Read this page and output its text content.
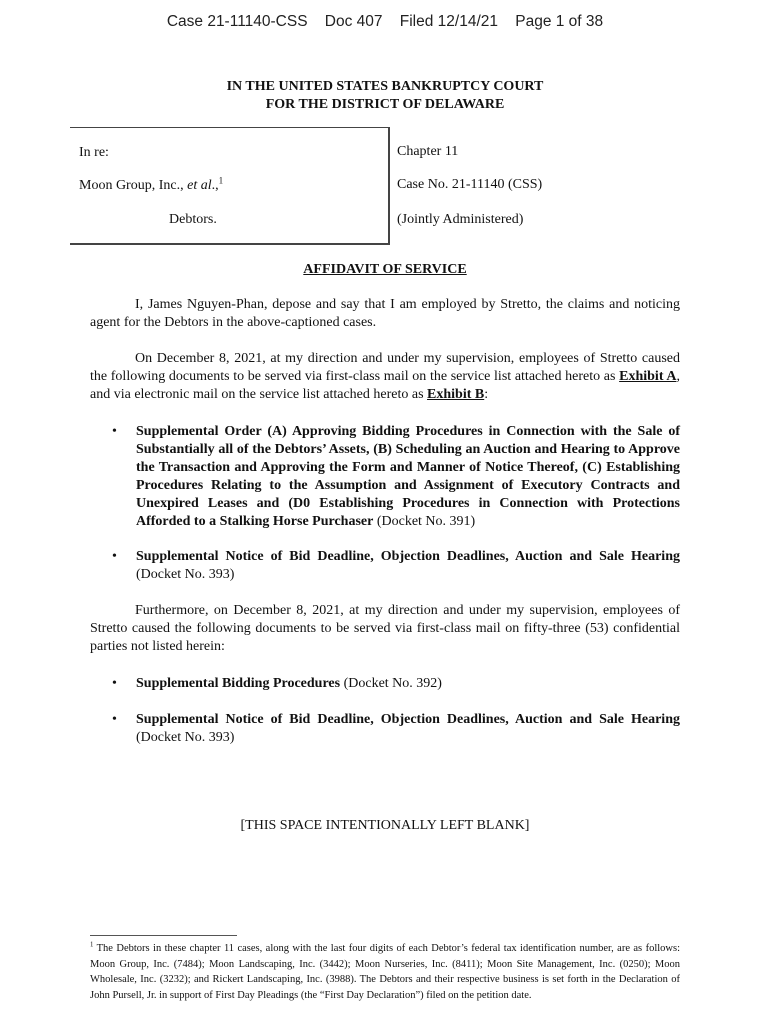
Case 21-11140-CSS Doc 407 Filed 12/14/21 Page 1 of 38
IN THE UNITED STATES BANKRUPTCY COURT
FOR THE DISTRICT OF DELAWARE
In re:
Moon Group, Inc., et al.,$^1$
Debtors.
Chapter 11
Case No. 21-11140 (CSS)
(Jointly Administered)
AFFIDAVIT OF SERVICE
I, James Nguyen-Phan, depose and say that I am employed by Stretto, the claims and noticing agent for the Debtors in the above-captioned cases.
On December 8, 2021, at my direction and under my supervision, employees of Stretto caused the following documents to be served via first-class mail on the service list attached hereto as Exhibit A, and via electronic mail on the service list attached hereto as Exhibit B:
• Supplemental Order (A) Approving Bidding Procedures in Connection with the Sale of Substantially all of the Debtors’ Assets, (B) Scheduling an Auction and Hearing to Approve the Transaction and Approving the Form and Manner of Notice Thereof, (C) Establishing Procedures Relating to the Assumption and Assignment of Executory Contracts and Unexpired Leases and (D0 Establishing Procedures in Connection with Protections Afforded to a Stalking Horse Purchaser (Docket No. 391)
• Supplemental Notice of Bid Deadline, Objection Deadlines, Auction and Sale Hearing (Docket No. 393)
Furthermore, on December 8, 2021, at my direction and under my supervision, employees of Stretto caused the following documents to be served via first-class mail on fifty-three (53) confidential parties not listed herein:
• Supplemental Bidding Procedures (Docket No. 392)
• Supplemental Notice of Bid Deadline, Objection Deadlines, Auction and Sale Hearing (Docket No. 393)
[THIS SPACE INTENTIONALLY LEFT BLANK]
$^1$ The Debtors in these chapter 11 cases, along with the last four digits of each Debtor’s federal tax identification number, are as follows: Moon Group, Inc. (7484); Moon Landscaping, Inc. (3442); Moon Nurseries, Inc. (8411); Moon Site Management, Inc. (0250); Moon Wholesale, Inc. (3232); and Rickert Landscaping, Inc. (3988). The Debtors and their respective business is set forth in the Declaration of John Pursell, Jr. in support of First Day Pleadings (the “First Day Declaration”) filed on the petition date.
